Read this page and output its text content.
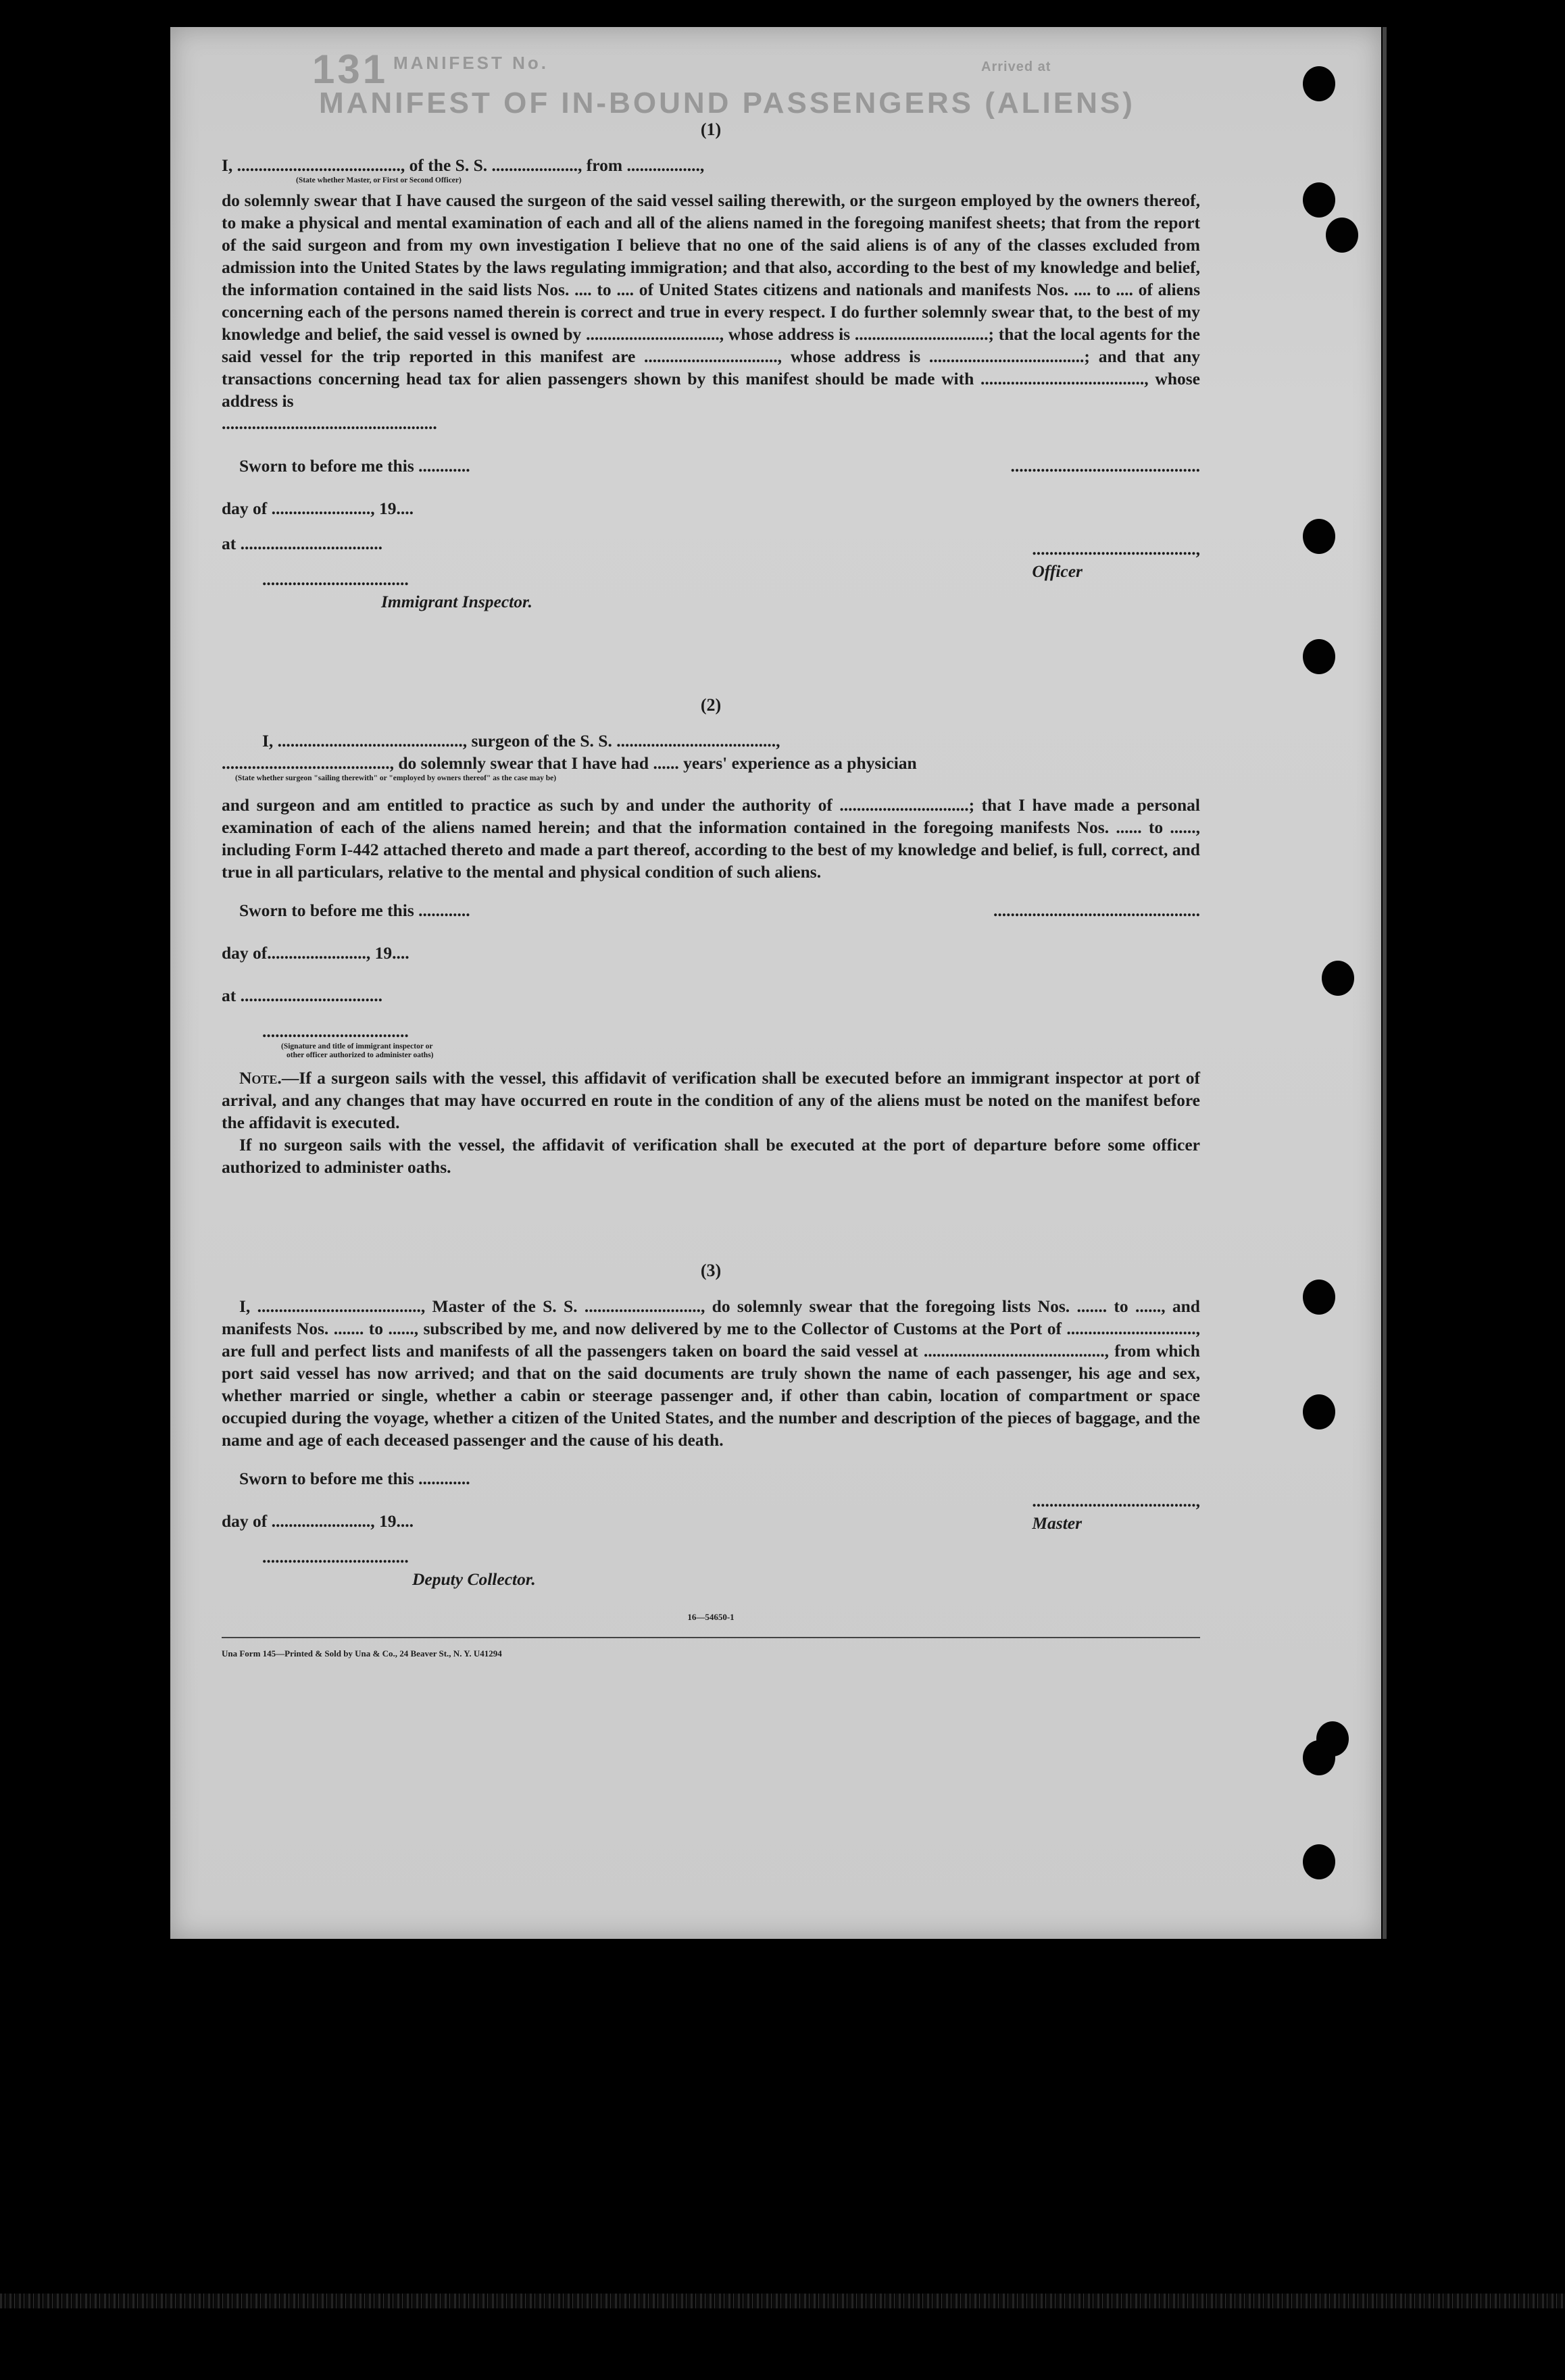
131 MANIFEST No.
MANIFEST OF IN-BOUND PASSENGERS (ALIENS)
Arrived at

(1)

I, ......................................, of the S. S. ...................., from .................,

(State whether Master, or First or Second Officer)

do solemnly swear that I have caused the surgeon of the said vessel sailing therewith, or the surgeon employed by the owners thereof, to make a physical and mental examination of each and all of the aliens named in the foregoing manifest sheets; that from the report of the said surgeon and from my own investigation I believe that no one of the said aliens is of any of the classes excluded from admission into the United States by the laws regulating immigration; and that also, according to the best of my knowledge and belief, the information contained in the said lists Nos. .... to .... of United States citizens and nationals and manifests Nos. .... to .... of aliens concerning each of the persons named therein is correct and true in every respect. I do further solemnly swear that, to the best of my knowledge and belief, the said vessel is owned by ..............................., whose address is ...............................; that the local agents for the said vessel for the trip reported in this manifest are ..............................., whose address is ....................................; and that any transactions concerning head tax for alien passengers shown by this manifest should be made with ......................................, whose address is

..................................................

Sworn to before me this ............	............................................
day of ......................., 19....

......................................,
Officer

at .................................
..................................
Immigrant Inspector.

(2)

I, ..........................................., surgeon of the S. S. .....................................,

......................................., do solemnly swear that I have had ...... years' experience as a physician

(State whether surgeon "sailing therewith" or "employed by owners thereof" as the case may be)

and surgeon and am entitled to practice as such by and under the authority of ..............................; that I have made a personal examination of each of the aliens named herein; and that the information contained in the foregoing manifests Nos. ...... to ......, including Form I-442 attached thereto and made a part thereof, according to the best of my knowledge and belief, is full, correct, and true in all particulars, relative to the mental and physical condition of such aliens.

Sworn to before me this ............	................................................
day of......................., 19....
at .................................
..................................

(Signature and title of immigrant inspector or

other officer authorized to administer oaths)

Note.—If a surgeon sails with the vessel, this affidavit of verification shall be executed before an immigrant inspector at port of arrival, and any changes that may have occurred en route in the condition of any of the aliens must be noted on the manifest before the affidavit is executed.

If no surgeon sails with the vessel, the affidavit of verification shall be executed at the port of departure before some officer authorized to administer oaths.

(3)

I, ......................................, Master of the S. S. ..........................., do solemnly swear that the foregoing lists Nos. ....... to ......, and manifests Nos. ....... to ......, subscribed by me, and now delivered by me to the Collector of Customs at the Port of .............................., are full and perfect lists and manifests of all the passengers taken on board the said vessel at .........................................., from which port said vessel has now arrived; and that on the said documents are truly shown the name of each passenger, his age and sex, whether married or single, whether a cabin or steerage passenger and, if other than cabin, location of compartment or space occupied during the voyage, whether a citizen of the United States, and the number and description of the pieces of baggage, and the name and age of each deceased passenger and the cause of his death.

Sworn to before me this ............

......................................,
Master

day of ......................., 19....
..................................
Deputy Collector.

16—54650-1

Una Form 145—Printed & Sold by Una & Co., 24 Beaver St., N. Y. U41294
